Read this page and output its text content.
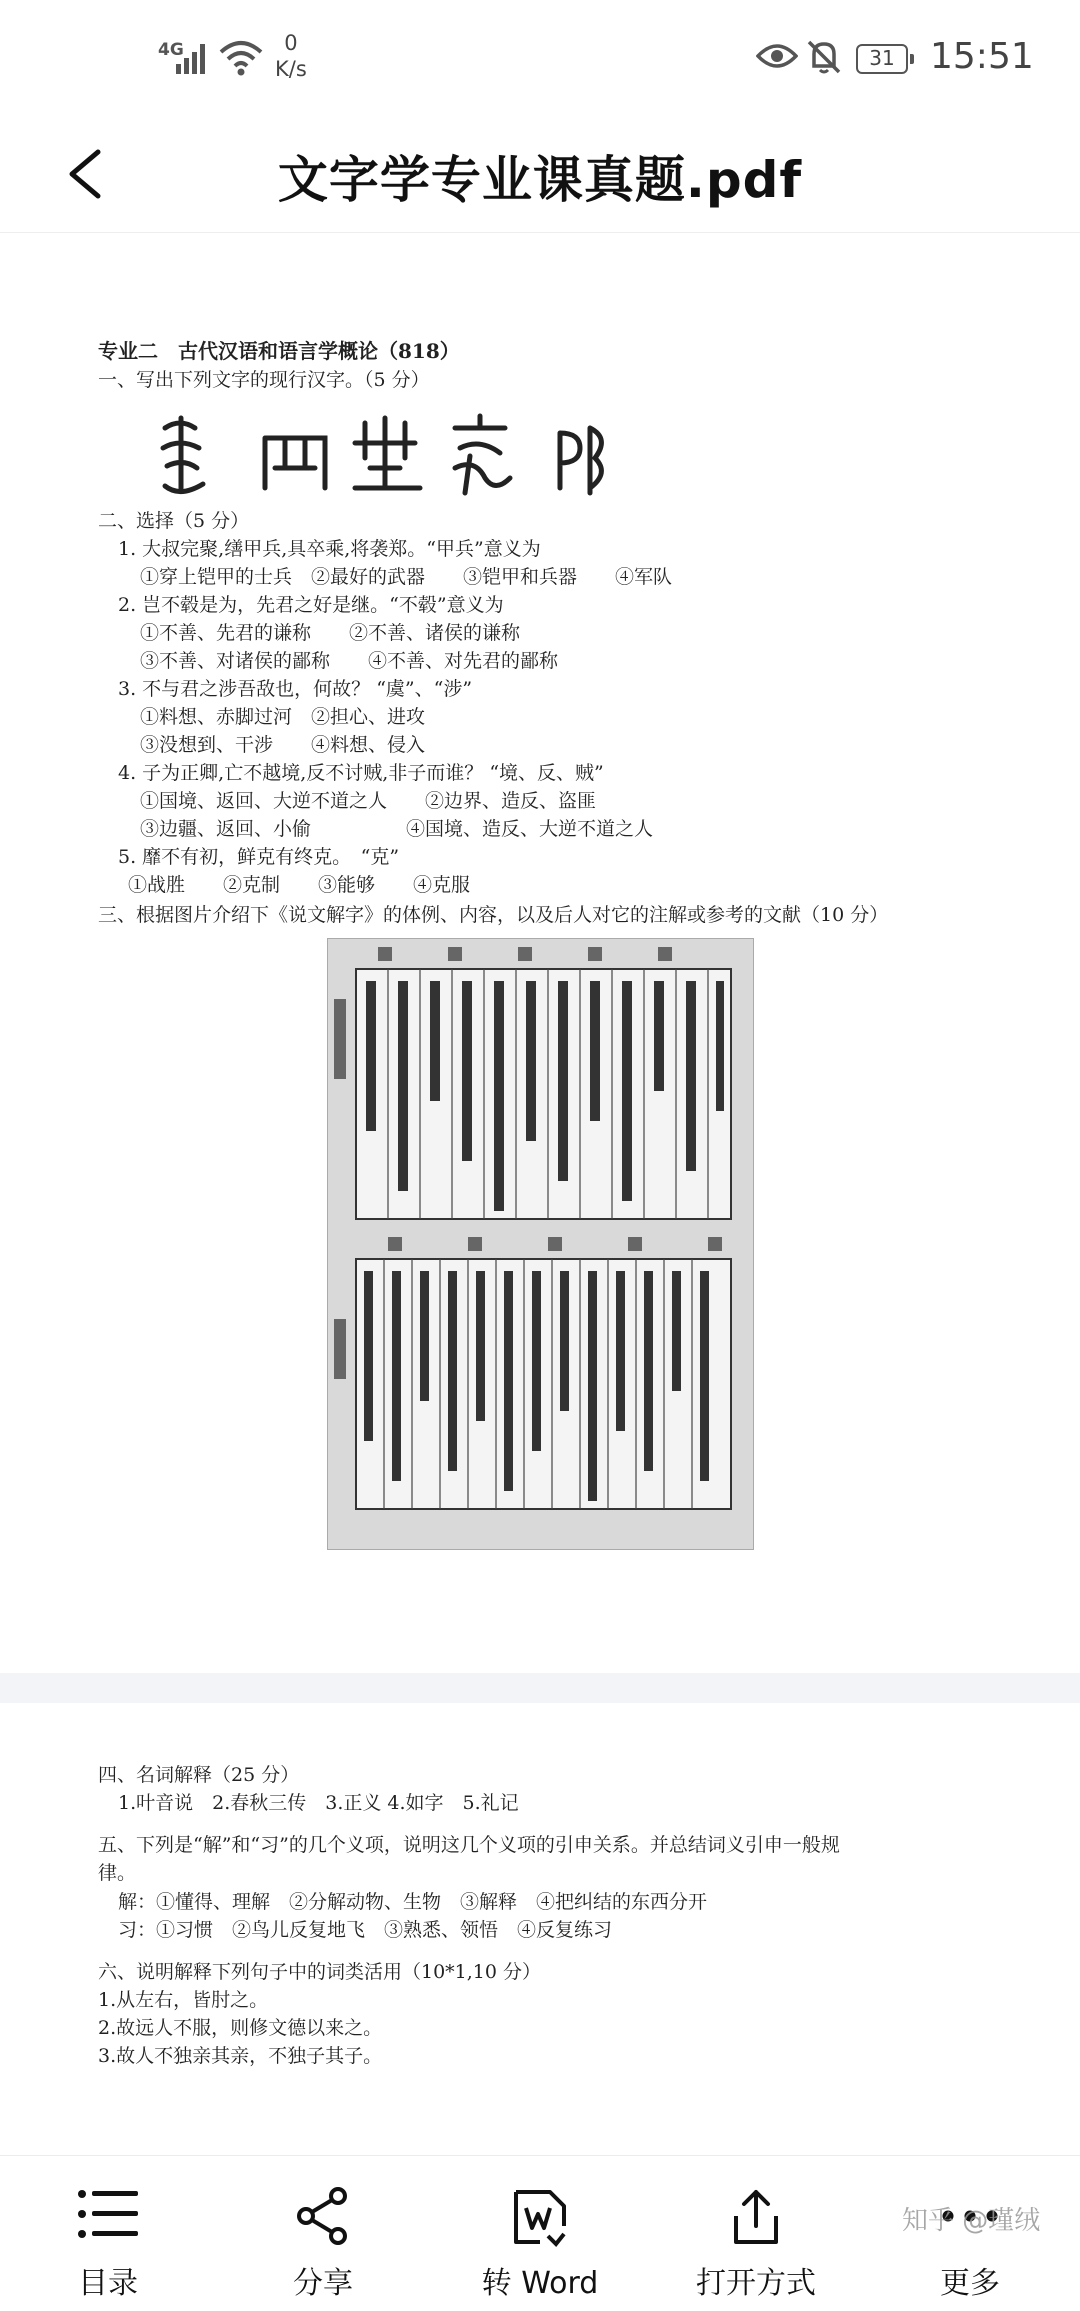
4G	0
K/s	31 15:51
文字学专业课真题.pdf
专业二　古代汉语和语言学概论（818）
一、写出下列文字的现行汉字。（5 分）
二、选择（5 分）
1. 大叔完聚,缮甲兵,具卒乘,将袭郑。“甲兵”意义为
①穿上铠甲的士兵　②最好的武器　　③铠甲和兵器　　④军队
2. 岂不毂是为，先君之好是继。“不毂”意义为
①不善、先君的谦称　　②不善、诸侯的谦称
③不善、对诸侯的鄙称　　④不善、对先君的鄙称
3. 不与君之涉吾敌也，何故？ “虞”、“涉”
①料想、赤脚过河　②担心、进攻
③没想到、干涉　　④料想、侵入
4. 子为正卿,亡不越境,反不讨贼,非子而谁？ “境、反、贼”
①国境、返回、大逆不道之人　　②边界、造反、盗匪
③边疆、返回、小偷　　　　　④国境、造反、大逆不道之人
5. 靡不有初，鲜克有终克。　“克”
①战胜　　②克制　　③能够　　④克服
三、根据图片介绍下《说文解字》的体例、内容，以及后人对它的注解或参考的文献（10 分）
四、名词解释（25 分）
1.叶音说　2.春秋三传　3.正义 4.如字　5.礼记
五、下列是“解”和“习”的几个义项，说明这几个义项的引申关系。并总结词义引申一般规
律。
解：①懂得、理解　②分解动物、生物　③解释　④把纠结的东西分开
习：①习惯　②鸟儿反复地飞　③熟悉、领悟　④反复练习
六、说明解释下列句子中的词类活用（10*1,10 分）
1.从左右，皆肘之。
2.故远人不服，则修文德以来之。
3.故人不独亲其亲，不独子其子。
目录	分享	转 Word	打开方式	更多
知乎 @瑾绒
